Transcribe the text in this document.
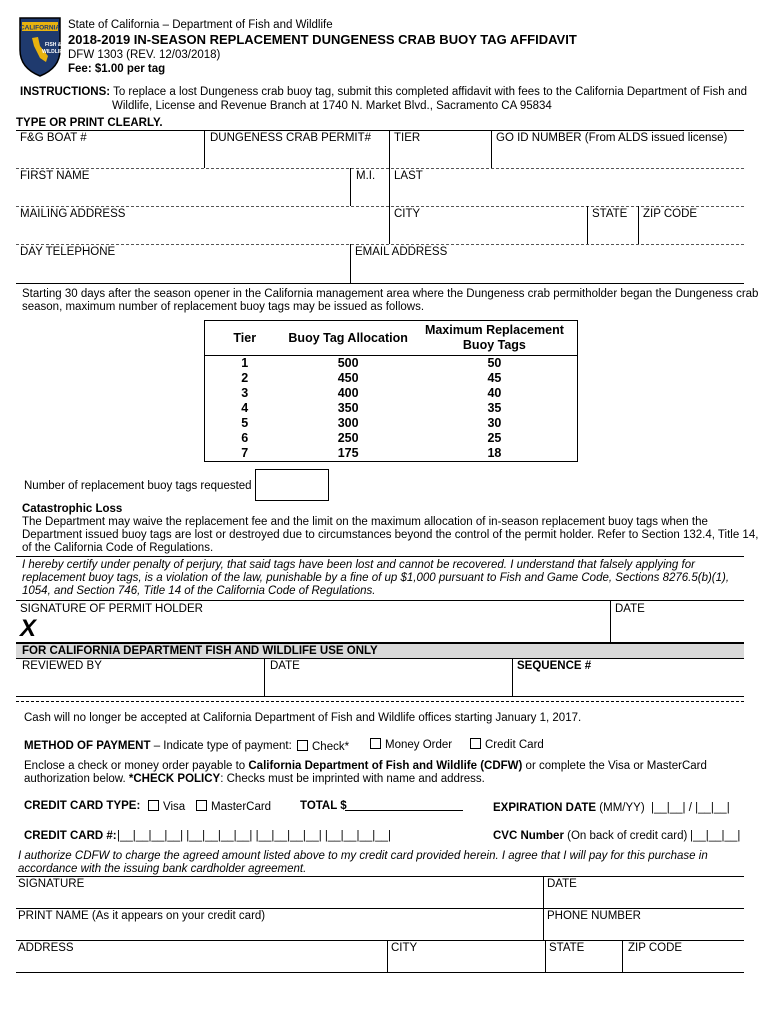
CALIFORNIA
FISH &
WILDLIFE
State of California – Department of Fish and Wildlife
2018-2019 IN-SEASON REPLACEMENT DUNGENESS CRAB BUOY TAG AFFIDAVIT
DFW 1303 (REV. 12/03/2018)
Fee: $1.00 per tag
INSTRUCTIONS: To replace a lost Dungeness crab buoy tag, submit this completed affidavit with fees to the California Department of Fish and
Wildlife, License and Revenue Branch at 1740 N. Market Blvd., Sacramento CA 95834
TYPE OR PRINT CLEARLY.
F&G BOAT #	DUNGENESS CRAB PERMIT# TIER	GO ID NUMBER (From ALDS issued license)
FIRST NAME	M.I. LAST
MAILING ADDRESS	CITY	STATE ZIP CODE
DAY TELEPHONE	EMAIL ADDRESS
Starting 30 days after the season opener in the California management area where the Dungeness crab permitholder began the Dungeness crab
season, maximum number of replacement buoy tags may be issued as follows.
Tier	Buoy Tag Allocation	Maximum Replacement Buoy Tags
1	500	50
2	450	45
3	400	40
4	350	35
5	300	30
6	250	25
7	175	18
Number of replacement buoy tags requested
Catastrophic Loss
The Department may waive the replacement fee and the limit on the maximum allocation of in-season replacement buoy tags when the
Department issued buoy tags are lost or destroyed due to circumstances beyond the control of the permit holder. Refer to Section 132.4, Title 14,
of the California Code of Regulations.
I hereby certify under penalty of perjury, that said tags have been lost and cannot be recovered. I understand that falsely applying for
replacement buoy tags, is a violation of the law, punishable by a fine of up $1,000 pursuant to Fish and Game Code, Sections 8276.5(b)(1),
1054, and Section 746, Title 14 of the California Code of Regulations.
SIGNATURE OF PERMIT HOLDER	DATE
X
FOR CALIFORNIA DEPARTMENT FISH AND WILDLIFE USE ONLY
REVIEWED BY	DATE	SEQUENCE #
Cash will no longer be accepted at California Department of Fish and Wildlife offices starting January 1, 2017.
METHOD OF PAYMENT – Indicate type of payment:	Check*	Money Order	Credit Card
Enclose a check or money order payable to California Department of Fish and Wildlife (CDFW) or complete the Visa or MasterCard
authorization below. *CHECK POLICY: Checks must be imprinted with name and address.
CREDIT CARD TYPE:	Visa	MasterCard	TOTAL $	EXPIRATION DATE (MM/YY) |__|__| / |__|__|
CREDIT CARD #: |__|__|__|__| |__|__|__|__| |__|__|__|__| |__|__|__|__|	CVC Number (On back of credit card) |__|__|__|
I authorize CDFW to charge the agreed amount listed above to my credit card provided herein. I agree that I will pay for this purchase in
accordance with the issuing bank cardholder agreement.
SIGNATURE	DATE
PRINT NAME (As it appears on your credit card)	PHONE NUMBER
ADDRESS	CITY	STATE	ZIP CODE
